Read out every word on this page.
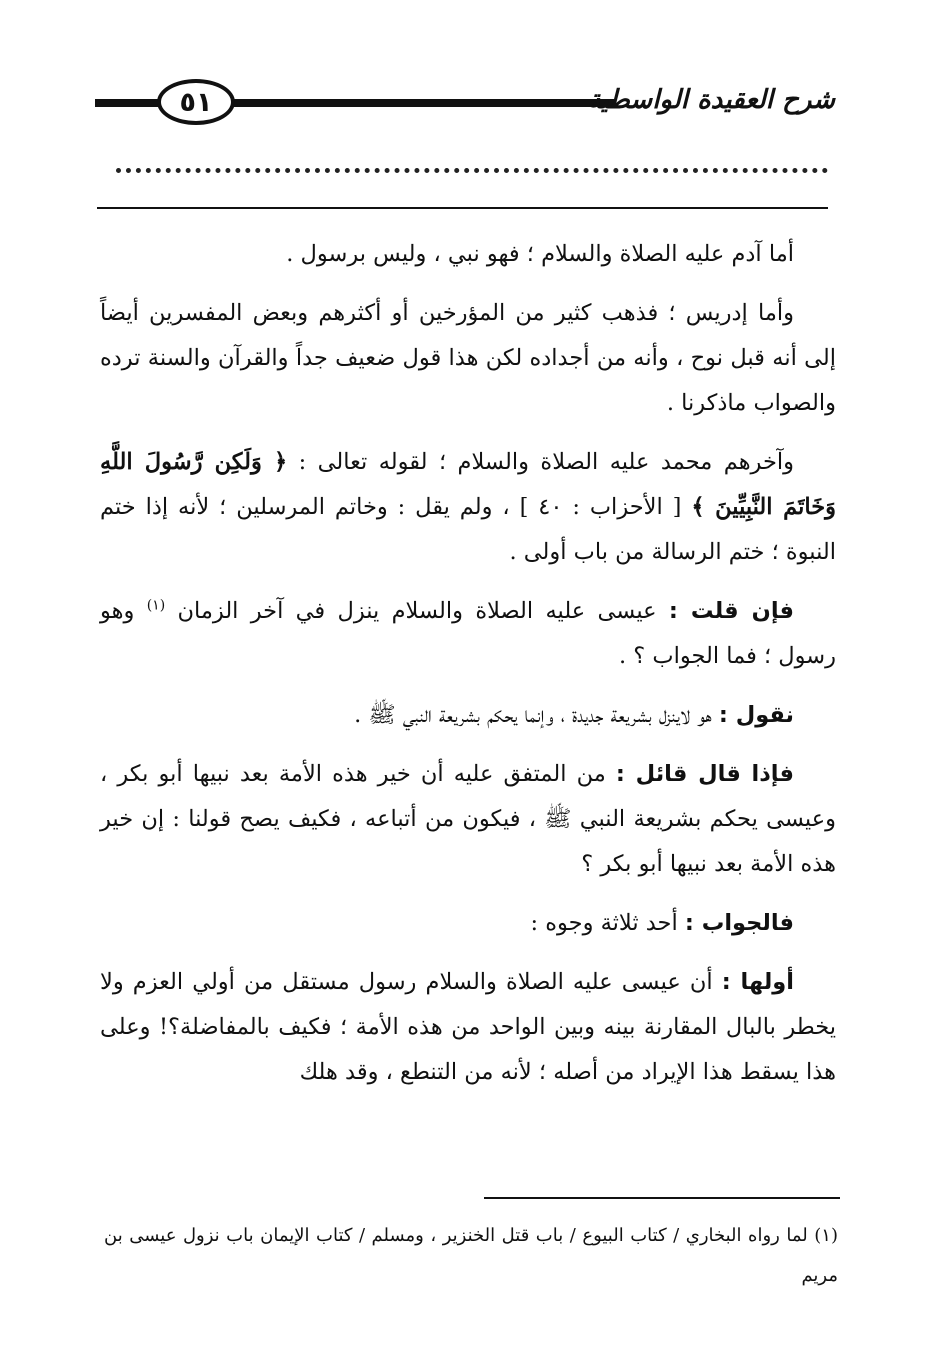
شرح العقيدة الواسطية
٥١

أما آدم عليه الصلاة والسلام ؛ فهو نبي ، وليس برسول .

وأما إدريس ؛ فذهب كثير من المؤرخين أو أكثرهم وبعض المفسرين أيضاً إلى أنه قبل نوح ، وأنه من أجداده لكن هذا قول ضعيف جداً والقرآن والسنة ترده والصواب ماذكرنا .

وآخرهم محمد عليه الصلاة والسلام ؛ لقوله تعالى : ﴿ وَلَكِن رَّسُولَ اللَّهِ وَخَاتَمَ النَّبِيِّينَ ﴾ [ الأحزاب : ٤٠ ] ، ولم يقل : وخاتم المرسلين ؛ لأنه إذا ختم النبوة ؛ ختم الرسالة من باب أولى .

فإن قلت : عيسى عليه الصلاة والسلام ينزل في آخر الزمان $^{(١)}$ وهو رسول ؛ فما الجواب ؟ .

نقول : هو لاينزل بشريعة جديدة ، وإنما يحكم بشريعة النبي ﷺ .

فإذا قال قائل : من المتفق عليه أن خير هذه الأمة بعد نبيها أبو بكر ، وعيسى يحكم بشريعة النبي ﷺ ، فيكون من أتباعه ، فكيف يصح قولنا : إن خير هذه الأمة بعد نبيها أبو بكر ؟

فالجواب : أحد ثلاثة وجوه :

أولها : أن عيسى عليه الصلاة والسلام رسول مستقل من أولي العزم ولا يخطر بالبال المقارنة بينه وبين الواحد من هذه الأمة ؛ فكيف بالمفاضلة؟! وعلى هذا يسقط هذا الإيراد من أصله ؛ لأنه من التنطع ، وقد هلك

(١) لما رواه البخاري / كتاب البيوع / باب قتل الخنزير ، ومسلم / كتاب الإيمان باب نزول عيسى بن مريم
